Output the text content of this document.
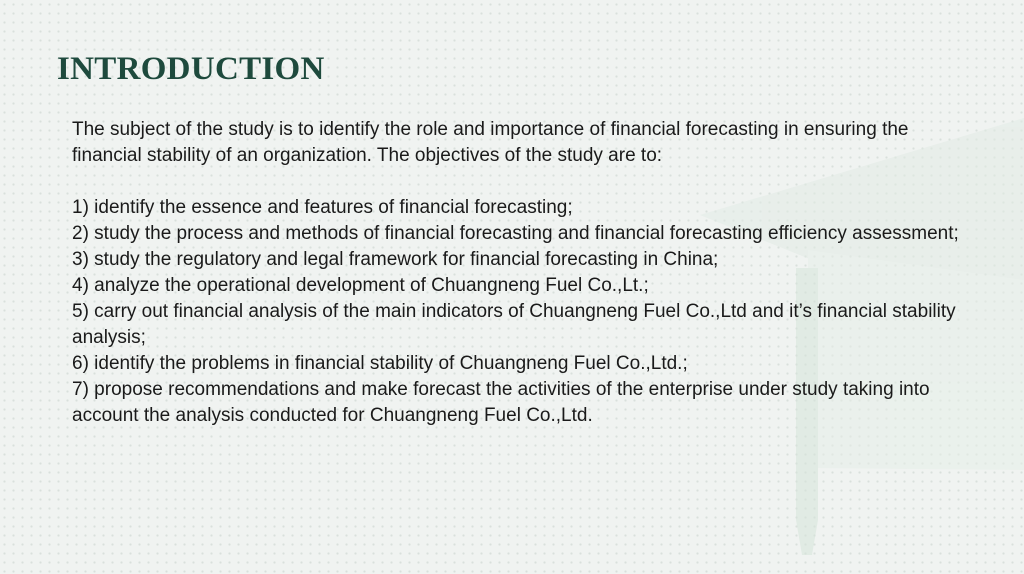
INTRODUCTION

The subject of the study is to identify the role and importance of financial forecasting in ensuring the financial stability of an organization. The objectives of the study are to:

1) identify the essence and features of financial forecasting;
2) study the process and methods of financial forecasting and financial forecasting efficiency assessment;
3) study the regulatory and legal framework for financial forecasting in China;
4) analyze the operational development of Chuangneng Fuel Co.,Lt.;
5) carry out financial analysis of the main indicators of Chuangneng Fuel Co.,Ltd and it’s financial stability analysis;
6) identify the problems in financial stability of Chuangneng Fuel Co.,Ltd.;
7) propose recommendations and make forecast the activities of the enterprise under study taking into account the analysis conducted for Chuangneng Fuel Co.,Ltd.
